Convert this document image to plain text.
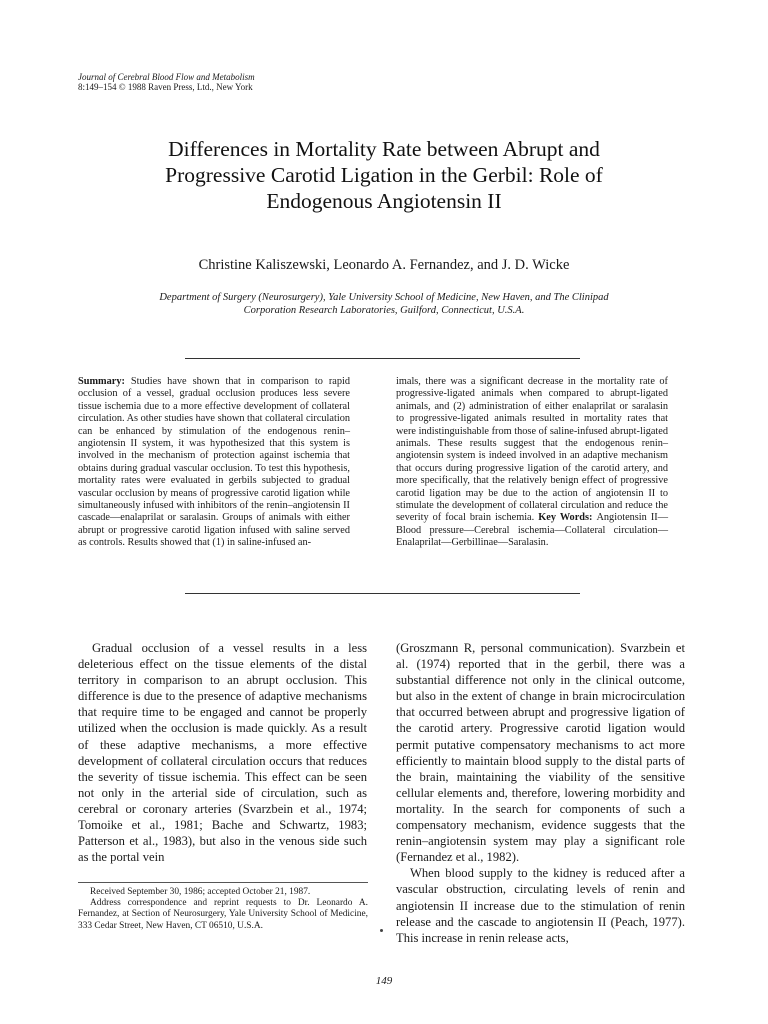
Journal of Cerebral Blood Flow and Metabolism
8:149–154 © 1988 Raven Press, Ltd., New York
Differences in Mortality Rate between Abrupt and
Progressive Carotid Ligation in the Gerbil: Role of
Endogenous Angiotensin II
Christine Kaliszewski, Leonardo A. Fernandez, and J. D. Wicke
Department of Surgery (Neurosurgery), Yale University School of Medicine, New Haven, and The Clinipad
Corporation Research Laboratories, Guilford, Connecticut, U.S.A.
Summary: Studies have shown that in comparison to rapid occlusion of a vessel, gradual occlusion produces less severe tissue ischemia due to a more effective development of collateral circulation. As other studies have shown that collateral circulation can be enhanced by stimulation of the endogenous renin–angiotensin II system, it was hypothesized that this system is involved in the mechanism of protection against ischemia that obtains during gradual vascular occlusion. To test this hypothesis, mortality rates were evaluated in gerbils subjected to gradual vascular occlusion by means of progressive carotid ligation while simultaneously infused with inhibitors of the renin–angiotensin II cascade—enalaprilat or saralasin. Groups of animals with either abrupt or progressive carotid ligation infused with saline served as controls. Results showed that (1) in saline-infused an-
imals, there was a significant decrease in the mortality rate of progressive-ligated animals when compared to abrupt-ligated animals, and (2) administration of either enalaprilat or saralasin to progressive-ligated animals resulted in mortality rates that were indistinguishable from those of saline-infused abrupt-ligated animals. These results suggest that the endogenous renin–angiotensin system is indeed involved in an adaptive mechanism that occurs during progressive ligation of the carotid artery, and more specifically, that the relatively benign effect of progressive carotid ligation may be due to the action of angiotensin II to stimulate the development of collateral circulation and reduce the severity of focal brain ischemia. Key Words: Angiotensin II—Blood pressure—Cerebral ischemia—Collateral circulation—Enalaprilat—Gerbillinae—Saralasin.
Gradual occlusion of a vessel results in a less deleterious effect on the tissue elements of the distal territory in comparison to an abrupt occlusion. This difference is due to the presence of adaptive mechanisms that require time to be engaged and cannot be properly utilized when the occlusion is made quickly. As a result of these adaptive mechanisms, a more effective development of collateral circulation occurs that reduces the severity of tissue ischemia. This effect can be seen not only in the arterial side of circulation, such as cerebral or coronary arteries (Svarzbein et al., 1974; Tomoike et al., 1981; Bache and Schwartz, 1983; Patterson et al., 1983), but also in the venous side such as the portal vein

(Groszmann R, personal communication). Svarzbein et al. (1974) reported that in the gerbil, there was a substantial difference not only in the clinical outcome, but also in the extent of change in brain microcirculation that occurred between abrupt and progressive ligation of the carotid artery. Progressive carotid ligation would permit putative compensatory mechanisms to act more efficiently to maintain blood supply to the distal parts of the brain, maintaining the viability of the sensitive cellular elements and, therefore, lowering morbidity and mortality. In the search for components of such a compensatory mechanism, evidence suggests that the renin–angiotensin system may play a significant role (Fernandez et al., 1982).

When blood supply to the kidney is reduced after a vascular obstruction, circulating levels of renin and angiotensin II increase due to the stimulation of renin release and the cascade to angiotensin II (Peach, 1977). This increase in renin release acts,

Received September 30, 1986; accepted October 21, 1987.

Address correspondence and reprint requests to Dr. Leonardo A. Fernandez, at Section of Neurosurgery, Yale University School of Medicine, 333 Cedar Street, New Haven, CT 06510, U.S.A.

149
